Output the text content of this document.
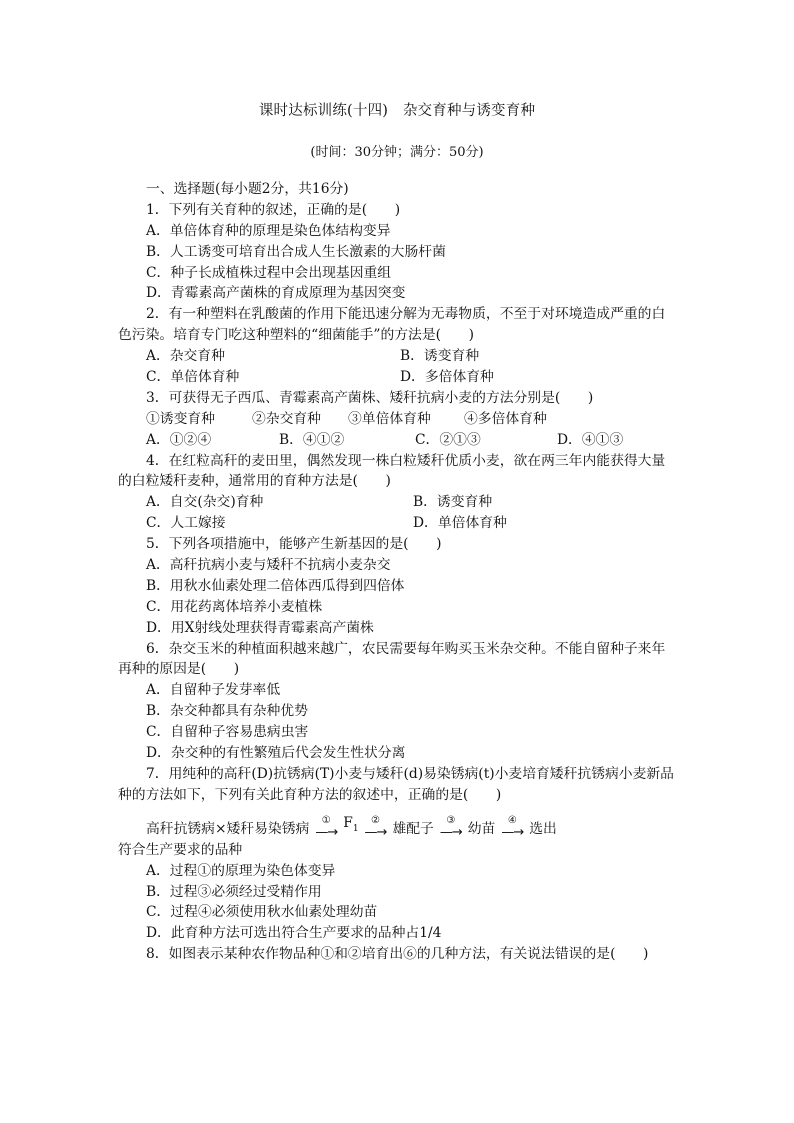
课时达标训练(十四)　杂交育种与诱变育种
(时间：30分钟；满分：50分)
一、选择题(每小题2分，共16分)
1．下列有关育种的叙述，正确的是(　　)
A．单倍体育种的原理是染色体结构变异
B．人工诱变可培育出合成人生长激素的大肠杆菌
C．种子长成植株过程中会出现基因重组
D．青霉素高产菌株的育成原理为基因突变
2．有一种塑料在乳酸菌的作用下能迅速分解为无毒物质，不至于对环境造成严重的白
色污染。培育专门吃这种塑料的“细菌能手”的方法是(　　)
A．杂交育种	B．诱变育种
C．单倍体育种	D．多倍体育种
3．可获得无子西瓜、青霉素高产菌株、矮秆抗病小麦的方法分别是(　　)
①诱变育种	②杂交育种	③单倍体育种	④多倍体育种
A．①②④	B．④①②	C．②①③	D．④①③
4．在红粒高秆的麦田里，偶然发现一株白粒矮秆优质小麦，欲在两三年内能获得大量
的白粒矮秆麦种，通常用的育种方法是(　　)
A．自交(杂交)育种	B．诱变育种
C．人工嫁接	D．单倍体育种
5．下列各项措施中，能够产生新基因的是(　　)
A．高秆抗病小麦与矮秆不抗病小麦杂交
B．用秋水仙素处理二倍体西瓜得到四倍体
C．用花药离体培养小麦植株
D．用X射线处理获得青霉素高产菌株
6．杂交玉米的种植面积越来越广，农民需要每年购买玉米杂交种。不能自留种子来年
再种的原因是(　　)
A．自留种子发芽率低
B．杂交种都具有杂种优势
C．自留种子容易患病虫害
D．杂交种的有性繁殖后代会发生性状分离
7．用纯种的高秆(D)抗锈病(T)小麦与矮秆(d)易染锈病(t)小麦培育矮秆抗锈病小麦新品
种的方法如下，下列有关此育种方法的叙述中，正确的是(　　)
高秆抗锈病×矮秆易染锈病
①
—→
$F_1$
②
—→ 雄配子
③
—→ 幼苗
④
—→ 选出
符合生产要求的品种
A．过程①的原理为染色体变异
B．过程③必须经过受精作用
C．过程④必须使用秋水仙素处理幼苗
D．此育种方法可选出符合生产要求的品种占1/4
8．如图表示某种农作物品种①和②培育出⑥的几种方法，有关说法错误的是(　　)
